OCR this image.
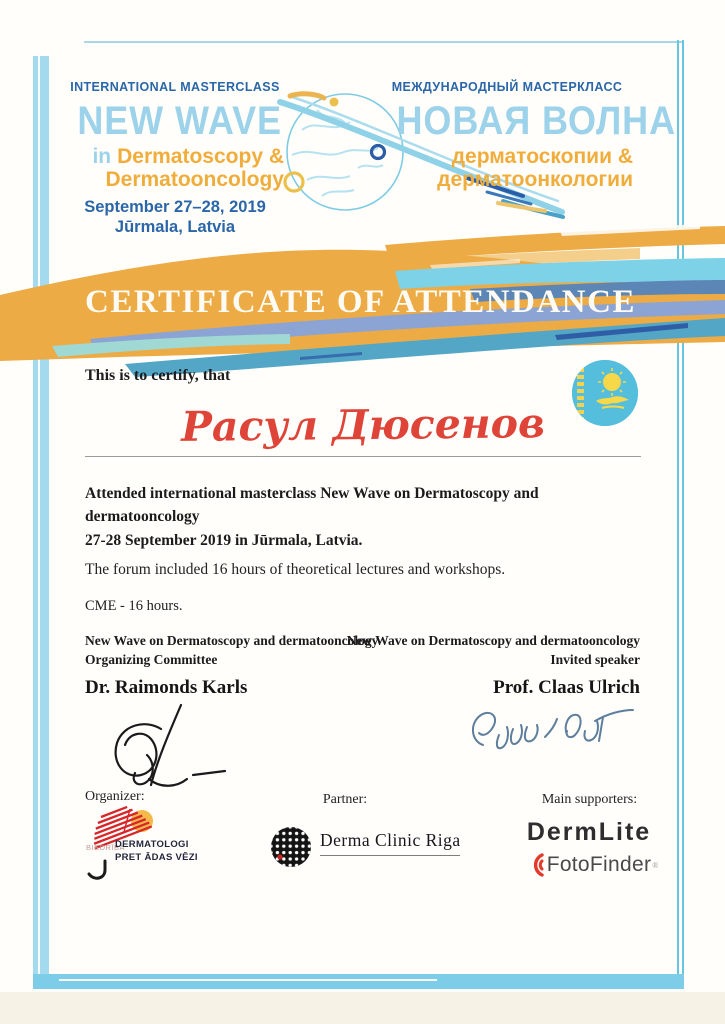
INTERNATIONAL MASTERCLASS
NEW WAVE
in Dermatoscopy &
Dermatooncology
September 27–28, 2019
Jūrmala, Latvia
МЕЖДУНАРОДНЫЙ МАСТЕРКЛАСС
НОВАЯ ВОЛНА
дерматоскопии &
дерматоонкологии
CERTIFICATE OF ATTENDANCE
This is to certify, that
Расул Дюсенов
Attended international masterclass New Wave on Dermatoscopy and dermatooncology
27-28 September 2019 in Jūrmala, Latvia.
The forum included 16 hours of theoretical lectures and workshops.
CME - 16 hours.
New Wave on Dermatoscopy and dermatooncology
Organizing Committee
Dr. Raimonds Karls
New Wave on Dermatoscopy and dermatooncology
Invited speaker
Prof. Claas Ulrich
Organizer:	Partner:	Main supporters:
BIEDRĪBA
DERMATOLOGI
PRET ĀDAS VĒZI
Derma Clinic Riga	DermLite
FotoFinder ®
